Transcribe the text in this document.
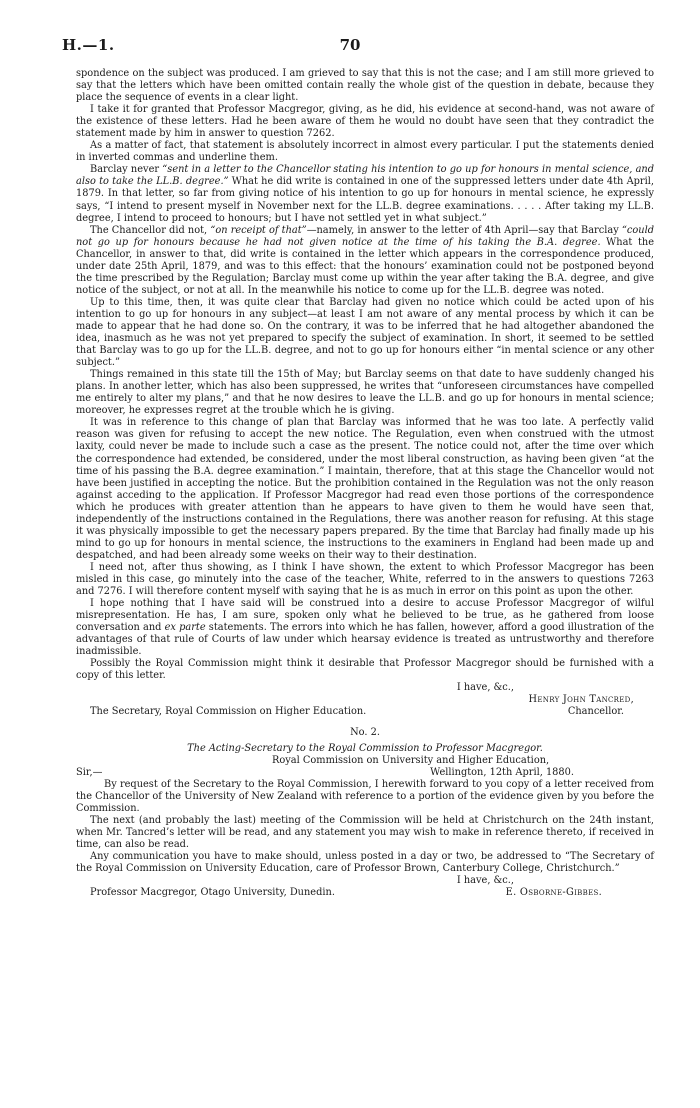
H.—1.	70

spondence on the subject was produced. I am grieved to say that this is not the case; and I am still more grieved to say that the letters which have been omitted contain really the whole gist of the question in debate, because they place the sequence of events in a clear light.

I take it for granted that Professor Macgregor, giving, as he did, his evidence at second-hand, was not aware of the existence of these letters. Had he been aware of them he would no doubt have seen that they contradict the statement made by him in answer to question 7262.

As a matter of fact, that statement is absolutely incorrect in almost every particular. I put the statements denied in inverted commas and underline them.

Barclay never “sent in a letter to the Chancellor stating his intention to go up for honours in mental science, and also to take the LL.B. degree.” What he did write is contained in one of the suppressed letters under date 4th April, 1879. In that letter, so far from giving notice of his intention to go up for honours in mental science, he expressly says, “I intend to present myself in November next for the LL.B. degree examinations. . . . . After taking my LL.B. degree, I intend to proceed to honours; but I have not settled yet in what subject.”

The Chancellor did not, “on receipt of that”—namely, in answer to the letter of 4th April—say that Barclay “could not go up for honours because he had not given notice at the time of his taking the B.A. degree. What the Chancellor, in answer to that, did write is contained in the letter which appears in the correspondence produced, under date 25th April, 1879, and was to this effect: that the honours’ examination could not be postponed beyond the time prescribed by the Regulation; Barclay must come up within the year after taking the B.A. degree, and give notice of the subject, or not at all. In the meanwhile his notice to come up for the LL.B. degree was noted.

Up to this time, then, it was quite clear that Barclay had given no notice which could be acted upon of his intention to go up for honours in any subject—at least I am not aware of any mental process by which it can be made to appear that he had done so. On the contrary, it was to be inferred that he had altogether abandoned the idea, inasmuch as he was not yet prepared to specify the subject of examination. In short, it seemed to be settled that Barclay was to go up for the LL.B. degree, and not to go up for honours either “in mental science or any other subject.”

Things remained in this state till the 15th of May; but Barclay seems on that date to have suddenly changed his plans. In another letter, which has also been suppressed, he writes that “unforeseen circumstances have compelled me entirely to alter my plans,” and that he now desires to leave the LL.B. and go up for honours in mental science; moreover, he expresses regret at the trouble which he is giving.

It was in reference to this change of plan that Barclay was informed that he was too late. A perfectly valid reason was given for refusing to accept the new notice. The Regulation, even when construed with the utmost laxity, could never be made to include such a case as the present. The notice could not, after the time over which the correspondence had extended, be considered, under the most liberal construction, as having been given “at the time of his passing the B.A. degree examination.” I maintain, therefore, that at this stage the Chancellor would not have been justified in accepting the notice. But the prohibition contained in the Regulation was not the only reason against acceding to the application. If Professor Macgregor had read even those portions of the correspondence which he produces with greater attention than he appears to have given to them he would have seen that, independently of the instructions contained in the Regulations, there was another reason for refusing. At this stage it was physically impossible to get the necessary papers prepared. By the time that Barclay had finally made up his mind to go up for honours in mental science, the instructions to the examiners in England had been made up and despatched, and had been already some weeks on their way to their destination.

I need not, after thus showing, as I think I have shown, the extent to which Professor Macgregor has been misled in this case, go minutely into the case of the teacher, White, referred to in the answers to questions 7263 and 7276. I will therefore content myself with saying that he is as much in error on this point as upon the other.

I hope nothing that I have said will be construed into a desire to accuse Professor Macgregor of wilful misrepresentation. He has, I am sure, spoken only what he believed to be true, as he gathered from loose conversation and ex parte statements. The errors into which he has fallen, however, afford a good illustration of the advantages of that rule of Courts of law under which hearsay evidence is treated as untrustworthy and therefore inadmissible.

Possibly the Royal Commission might think it desirable that Professor Macgregor should be furnished with a copy of this letter.

I have, &c.,
Henry John Tancred,
The Secretary, Royal Commission on Higher Education.	Chancellor.
No. 2.
The Acting-Secretary to the Royal Commission to Professor Macgregor.
Royal Commission on University and Higher Education,
Sir,—	Wellington, 12th April, 1880.

By request of the Secretary to the Royal Commission, I herewith forward to you copy of a letter received from the Chancellor of the University of New Zealand with reference to a portion of the evidence given by you before the Commission.

The next (and probably the last) meeting of the Commission will be held at Christchurch on the 24th instant, when Mr. Tancred’s letter will be read, and any statement you may wish to make in reference thereto, if received in time, can also be read.

Any communication you have to make should, unless posted in a day or two, be addressed to “The Secretary of the Royal Commission on University Education, care of Professor Brown, Canterbury College, Christchurch.”

I have, &c.,
Professor Macgregor, Otago University, Dunedin.	E. Osborne-Gibbes.
